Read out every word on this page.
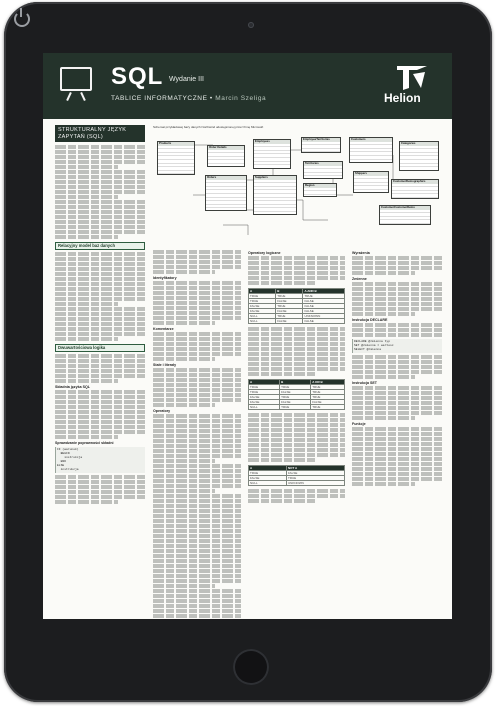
SQL Wydanie III
TABLICE INFORMATYCZNE • Marcin Szeliga	Helion
STRUKTURALNY JĘZYK ZAPYTAŃ (SQL)
Relacyjny model baz danych
Dwuwartościowa logika
Składnia języka SQL
Sprawdzanie poprawności składni
IF (warunek)
BEGIN
instrukcja
END
ELSE
instrukcja
Schemat przykładowej bazy danych Northwind udostępnionej przez firmę Microsoft
Products
Order Details
Employees	EmployeeTerritories	Customers
Categories
Orders	Suppliers
Territories
Region
Shippers
CustomerDemographics
CustomerCustomerDemo
Identyfikatory
Komentarze
Stałe i literały
Operatory
Operatory logiczne
A	B	A AND B
TRUE	TRUE	TRUE
TRUE	FALSE	FALSE
FALSE	TRUE	FALSE
FALSE	FALSE	FALSE
NULL	TRUE	UNKNOWN
NULL	FALSE	FALSE
A	B	A OR B
TRUE	TRUE	TRUE
TRUE	FALSE	TRUE
FALSE	TRUE	TRUE
FALSE	FALSE	FALSE
NULL	TRUE	TRUE
A	NOT A
TRUE	FALSE
FALSE	TRUE
NULL	UNKNOWN
Wyrażenia
Zmienne
Instrukcja DECLARE
DECLARE @zmienna typ
SET @zmienna = wartosc
SELECT @zmienna
Instrukcja SET
Funkcje
